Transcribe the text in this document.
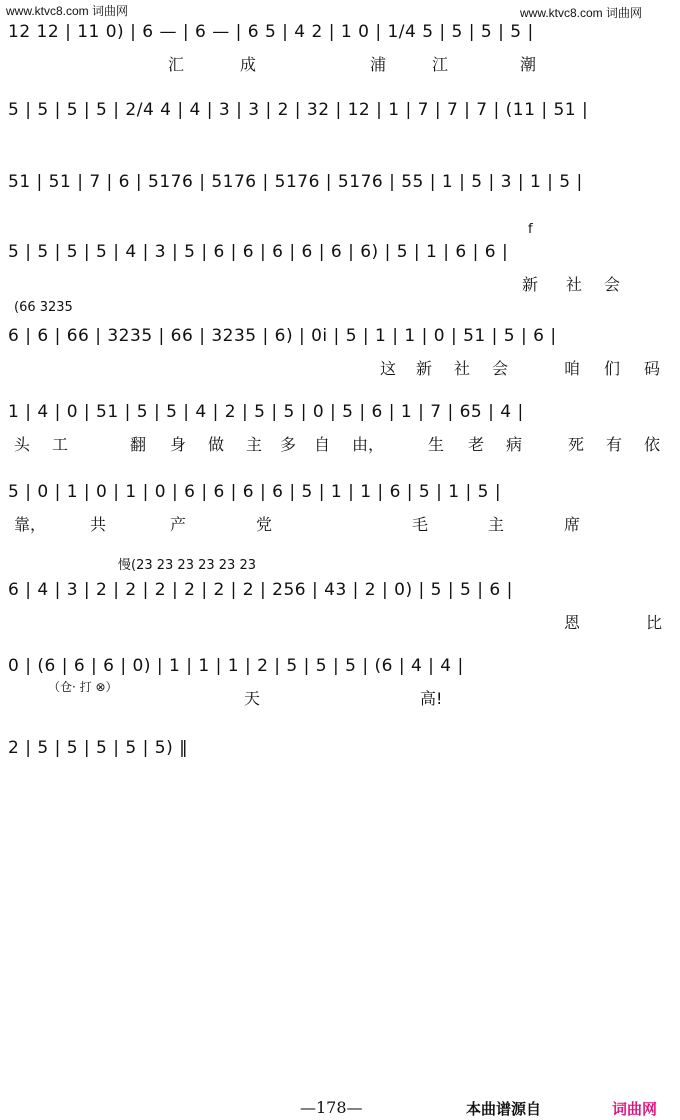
www.ktvc8.com 词曲网	www.ktvc8.com 词曲网
12 12 | 11 0) | 6 — | 6 — | 6 5 | 4 2 | 1 0 | 1/4 5 | 5 | 5 | 5 |
汇	成	浦	江	潮
5 | 5 | 5 | 5 | 2/4 4 | 4 | 3 | 3 | 2 | 32 | 12 | 1 | 7 | 7 | 7 | (11 | 51 |
51 | 51 | 7 | 6 | 5176 | 5176 | 5176 | 5176 | 55 | 1 | 5 | 3 | 1 | 5 |
5 | 5 | 5 | 5 | 4 | 3 | 5 | 6 | 6 | 6 | 6 | 6 | 6) | 5 | 1 | 6 | 6 |
新 社 会
f
6 | 6 | 66 | 3235 | 66 | 3235 | 6) | 0i | 5 | 1 | 1 | 0 | 51 | 5 | 6 |
这 新 社 会	咱 们 码
(66 3235
1 | 4 | 0 | 51 | 5 | 5 | 4 | 2 | 5 | 5 | 0 | 5 | 6 | 1 | 7 | 65 | 4 |
头 工	翻 身 做 主 多 自 由，	生 老 病	死 有 依
5 | 0 | 1 | 0 | 1 | 0 | 6 | 6 | 6 | 6 | 5 | 1 | 1 | 6 | 5 | 1 | 5 |
靠，	共	产	党	毛	主	席
6 | 4 | 3 | 2 | 2 | 2 | 2 | 2 | 2 | 256 | 43 | 2 | 0) | 5 | 5 | 6 |
恩	比
慢(23 23 23 23 23 23
0 | (6 | 6 | 6 | 0) | 1 | 1 | 1 | 2 | 5 | 5 | 5 | (6 | 4 | 4 |
（仓· 打 ⊗）
天	高!
2 | 5 | 5 | 5 | 5 | 5) ‖
—178—	本曲谱源自	词曲网
